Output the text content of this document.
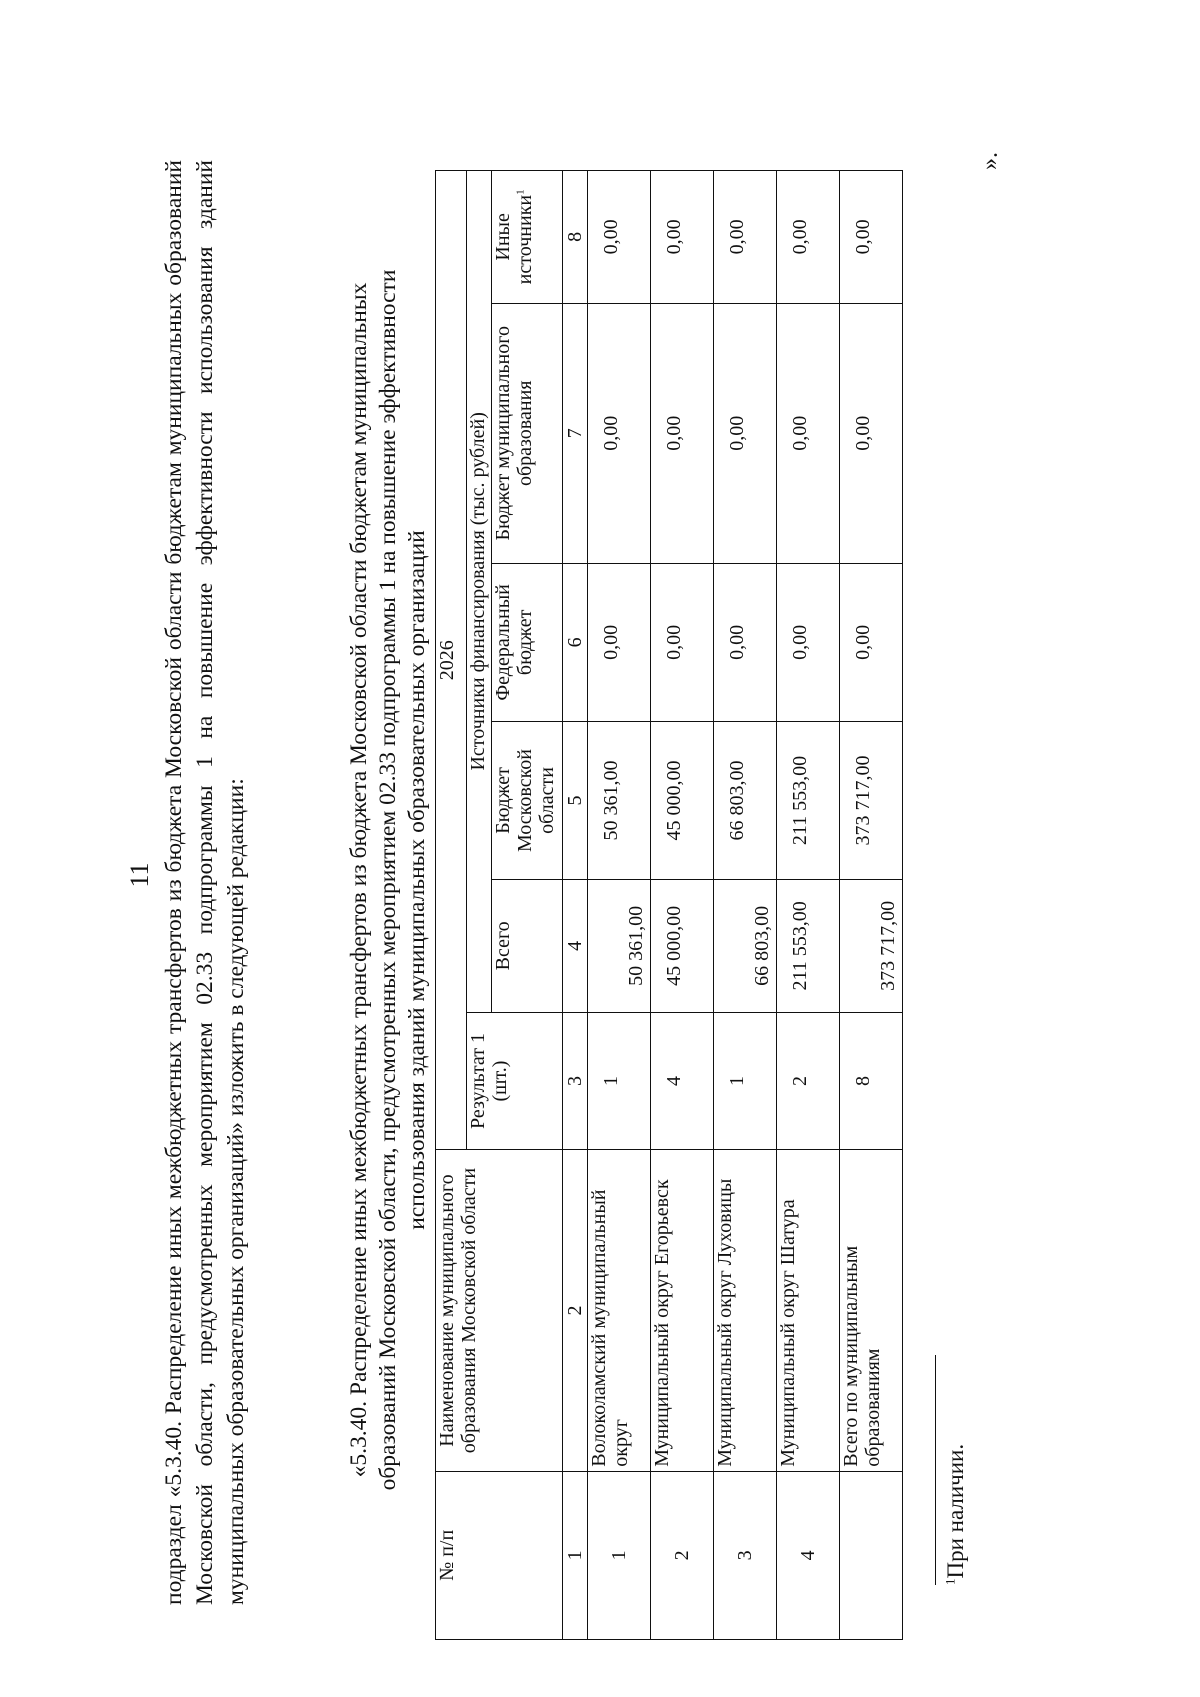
11 подраздел «5.3.40. Распределение иных межбюджетных трансфертов из бюджета Московской области бюджетам муниципальных образований Московской области, предусмотренных мероприятием 02.33 подпрограммы 1 на повышение эффективности использования зданий муниципальных образовательных организаций» изложить в следующей редакции:	«5.3.40. Распределение иных межбюджетных трансфертов из бюджета Московской области бюджетам муниципальных образований Московской области, предусмотренных мероприятием 02.33 подпрограммы 1 на повышение эффективности использования зданий муниципальных образовательных организаций

№ п/п	Наименование муниципального образования Московской области	2026					
		Результат 1 (шт.)	Источники финансирования (тыс. рублей)				
			Всего	Бюджет Московской области	Федеральный бюджет	Бюджет муниципального образования	Иные источники$^1$
1	2	3	4	5	6	7	8
1	Волоколамский муниципальный округ	1	50 361,00	50 361,00	0,00	0,00	0,00
2	Муниципальный округ Егорьевск	4	45 000,00	45 000,00	0,00	0,00	0,00
3	Муниципальный округ Луховицы	1	66 803,00	66 803,00	0,00	0,00	0,00
4	Муниципальный округ Шатура	2	211 553,00	211 553,00	0,00	0,00	0,00
	Всего по муниципальным образованиям	8	373 717,00	373 717,00	0,00	0,00	0,00
$^1$При наличии.
».
